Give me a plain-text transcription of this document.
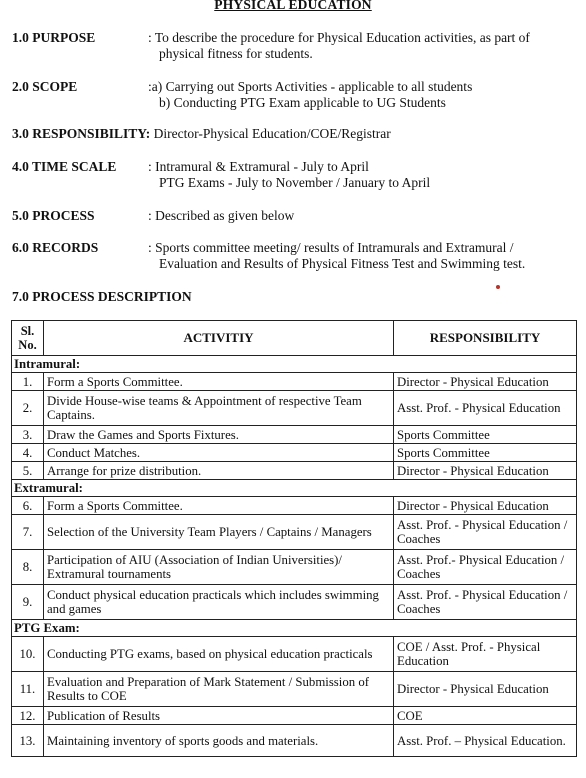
PHYSICAL EDUCATION
1.0 PURPOSE	: To describe the procedure for Physical Education activities, as part of
physical fitness for students.
2.0 SCOPE	:a) Carrying out Sports Activities - applicable to all students
b) Conducting PTG Exam applicable to UG Students
3.0 RESPONSIBILITY: Director-Physical Education/COE/Registrar
4.0 TIME SCALE : Intramural & Extramural - July to April
PTG Exams - July to November / January to April
5.0 PROCESS	: Described as given below
6.0 RECORDS	: Sports committee meeting/ results of Intramurals and Extramural /
Evaluation and Results of Physical Fitness Test and Swimming test.
7.0 PROCESS DESCRIPTION
Sl. No.	ACTIVITIY	RESPONSIBILITY
Intramural:		
1.	Form a Sports Committee.	Director - Physical Education
2.	Divide House-wise teams & Appointment of respective Team Captains.	Asst. Prof. - Physical Education
3.	Draw the Games and Sports Fixtures.	Sports Committee
4.	Conduct Matches.	Sports Committee
5.	Arrange for prize distribution.	Director - Physical Education
Extramural:		
6.	Form a Sports Committee.	Director - Physical Education
7.	Selection of the University Team Players / Captains / Managers	Asst. Prof. - Physical Education / Coaches
8.	Participation of AIU (Association of Indian Universities)/ Extramural tournaments	Asst. Prof.- Physical Education / Coaches
9.	Conduct physical education practicals which includes swimming and games	Asst. Prof. - Physical Education / Coaches
PTG Exam:		
10.	Conducting PTG exams, based on physical education practicals	COE / Asst. Prof. - Physical Education
11.	Evaluation and Preparation of Mark Statement / Submission of Results to COE	Director - Physical Education
12.	Publication of Results	COE
13.	Maintaining inventory of sports goods and materials.	Asst. Prof. – Physical Education.
